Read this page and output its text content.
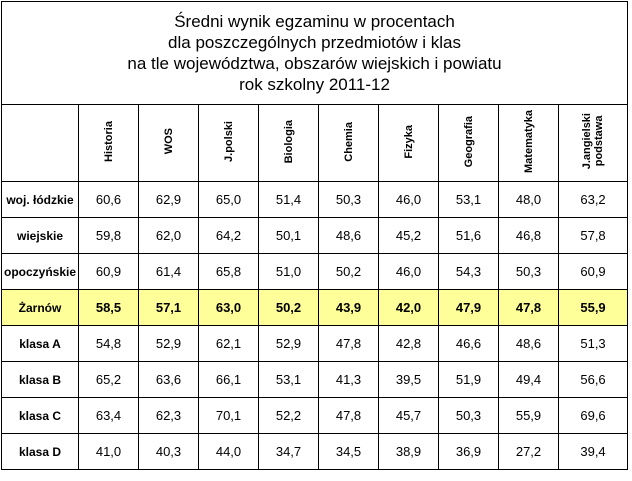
Średni wynik egzaminu w procentach
dla poszczególnych przedmiotów i klas
na tle województwa, obszarów wiejskich i powiatu
rok szkolny 2011-12									

	Historia	WOS	J.polski	Biologia	Chemia	Fizyka	Geografia	Matematyka	J.angielski podstawa

woj. łódzkie	60,6	62,9	65,0	51,4	50,3	46,0	53,1	48,0	63,2
wiejskie	59,8	62,0	64,2	50,1	48,6	45,2	51,6	46,8	57,8
opoczyńskie	60,9	61,4	65,8	51,0	50,2	46,0	54,3	50,3	60,9
Żarnów	58,5	57,1	63,0	50,2	43,9	42,0	47,9	47,8	55,9
klasa A	54,8	52,9	62,1	52,9	47,8	42,8	46,6	48,6	51,3
klasa B	65,2	63,6	66,1	53,1	41,3	39,5	51,9	49,4	56,6
klasa C	63,4	62,3	70,1	52,2	47,8	45,7	50,3	55,9	69,6
klasa D	41,0	40,3	44,0	34,7	34,5	38,9	36,9	27,2	39,4
